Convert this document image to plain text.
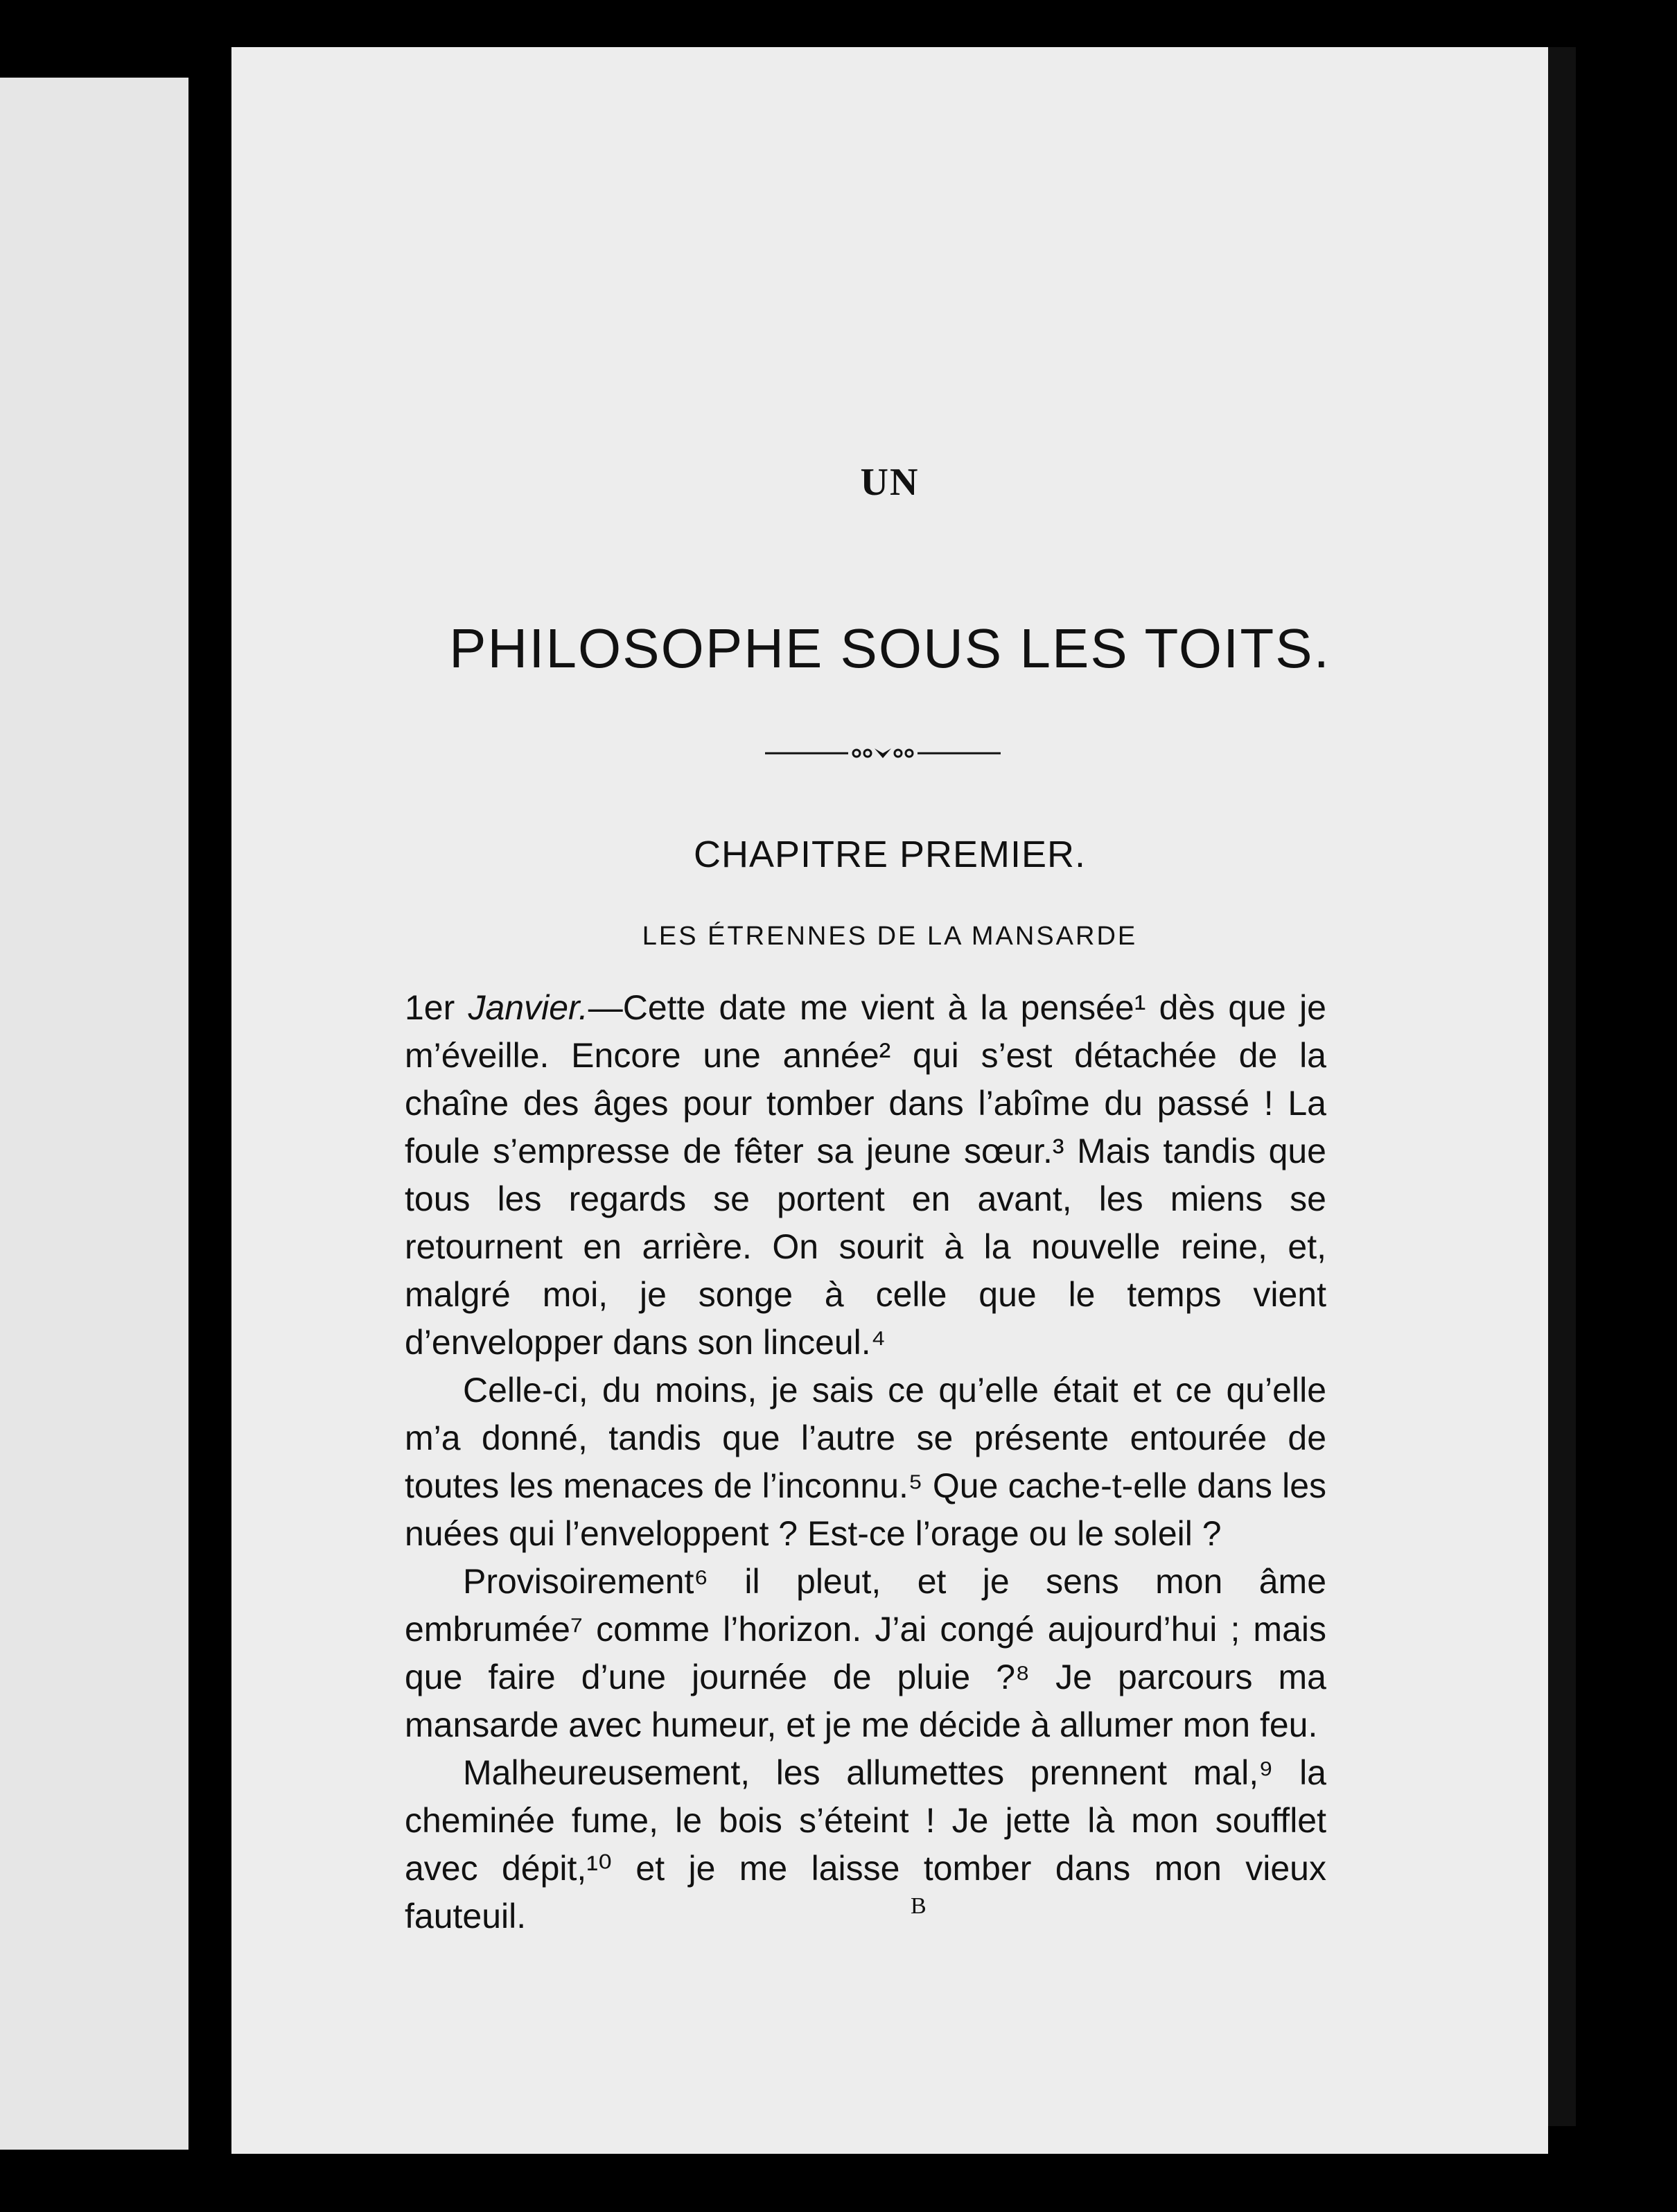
UN
PHILOSOPHE SOUS LES TOITS.
CHAPITRE PREMIER.
LES ÉTRENNES DE LA MANSARDE

1er Janvier.—Cette date me vient à la pensée¹ dès que je m’éveille. Encore une année² qui s’est détachée de la chaîne des âges pour tomber dans l’abîme du passé ! La foule s’empresse de fêter sa jeune sœur.³ Mais tandis que tous les regards se portent en avant, les miens se retournent en arrière. On sourit à la nouvelle reine, et, malgré moi, je songe à celle que le temps vient d’envelopper dans son linceul.⁴

Celle-ci, du moins, je sais ce qu’elle était et ce qu’elle m’a donné, tandis que l’autre se présente entourée de toutes les menaces de l’inconnu.⁵ Que cache-t-elle dans les nuées qui l’enveloppent ? Est-ce l’orage ou le soleil ?

Provisoirement⁶ il pleut, et je sens mon âme embrumée⁷ comme l’horizon. J’ai congé aujourd’hui ; mais que faire d’une journée de pluie ?⁸ Je parcours ma mansarde avec humeur, et je me décide à allumer mon feu.

Malheureusement, les allumettes prennent mal,⁹ la cheminée fume, le bois s’éteint ! Je jette là mon soufflet avec dépit,¹⁰ et je me laisse tomber dans mon vieux fauteuil.	B
